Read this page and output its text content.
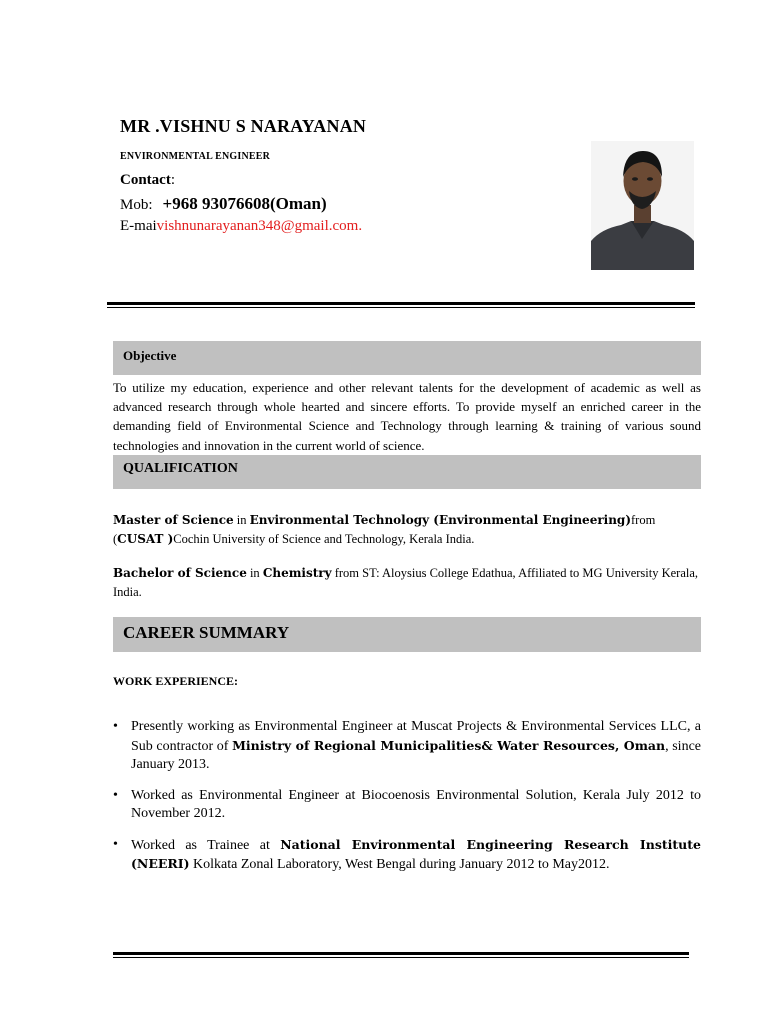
MR .VISHNU S NARAYANAN
ENVIRONMENTAL ENGINEER
Contact:
Mob: +968 93076608(Oman)
E-maivishnunarayanan348@gmail.com.
Objective
To utilize my education, experience and other relevant talents for the development of academic as well as advanced research through whole hearted and sincere efforts. To provide myself an enriched career in the demanding field of Environmental Science and Technology through learning & training of various sound technologies and innovation in the current world of science.
QUALIFICATION
Master of Science in Environmental Technology (Environmental Engineering)from
(CUSAT )Cochin University of Science and Technology, Kerala India.
Bachelor of Science in Chemistry from ST: Aloysius College Edathua, Affiliated to MG University Kerala, India.
CAREER SUMMARY
WORK EXPERIENCE:
• Presently working as Environmental Engineer at Muscat Projects & Environmental Services LLC, a Sub contractor of Ministry of Regional Municipalities& Water Resources, Oman, since January 2013.
• Worked as Environmental Engineer at Biocoenosis Environmental Solution, Kerala July 2012 to November 2012.
• Worked as Trainee at National Environmental Engineering Research Institute (NEERI) Kolkata Zonal Laboratory, West Bengal during January 2012 to May2012.
